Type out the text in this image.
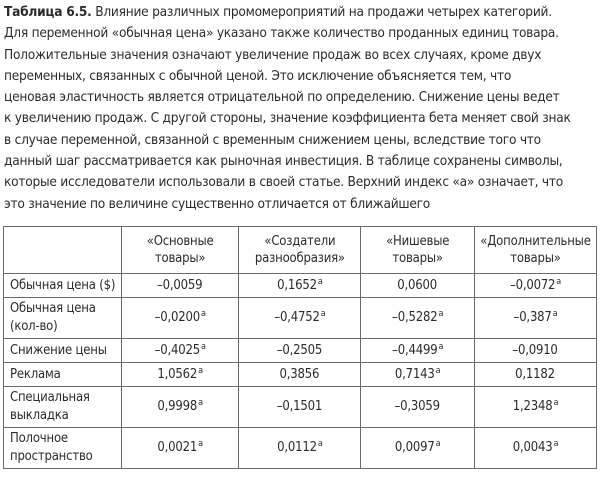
Таблица 6.5. Влияние различных промомероприятий на продажи четырех категорий.
Для переменной «обычная цена» указано также количество проданных единиц товара.
Положительные значения означают увеличение продаж во всех случаях, кроме двух
переменных, связанных с обычной ценой. Это исключение объясняется тем, что
ценовая эластичность является отрицательной по определению. Снижение цены ведет
к увеличению продаж. С другой стороны, значение коэффициента бета меняет свой знак
в случае переменной, связанной с временным снижением цены, вследствие того что
данный шаг рассматривается как рыночная инвестиция. В таблице сохранены символы,
которые исследователи использовали в своей статье. Верхний индекс «а» означает, что
это значение по величине существенно отличается от ближайшего
	«Основные товары»	«Создатели разнообразия»	«Нишевые товары»	«Дополнительные товары»
Обычная цена ($)	–0,0059	0,1652$^a$	0,0600	–0,0072$^a$
Обычная цена (кол-во)	–0,0200$^a$	–0,4752$^a$	–0,5282$^a$	–0,387$^a$
Снижение цены	–0,4025$^a$	–0,2505	–0,4499$^a$	–0,0910
Реклама	1,0562$^a$	0,3856	0,7143$^a$	0,1182
Специальная выкладка	0,9998$^a$	–0,1501	–0,3059	1,2348$^a$
Полочное пространство	0,0021$^a$	0,0112$^a$	0,0097$^a$	0,0043$^a$
